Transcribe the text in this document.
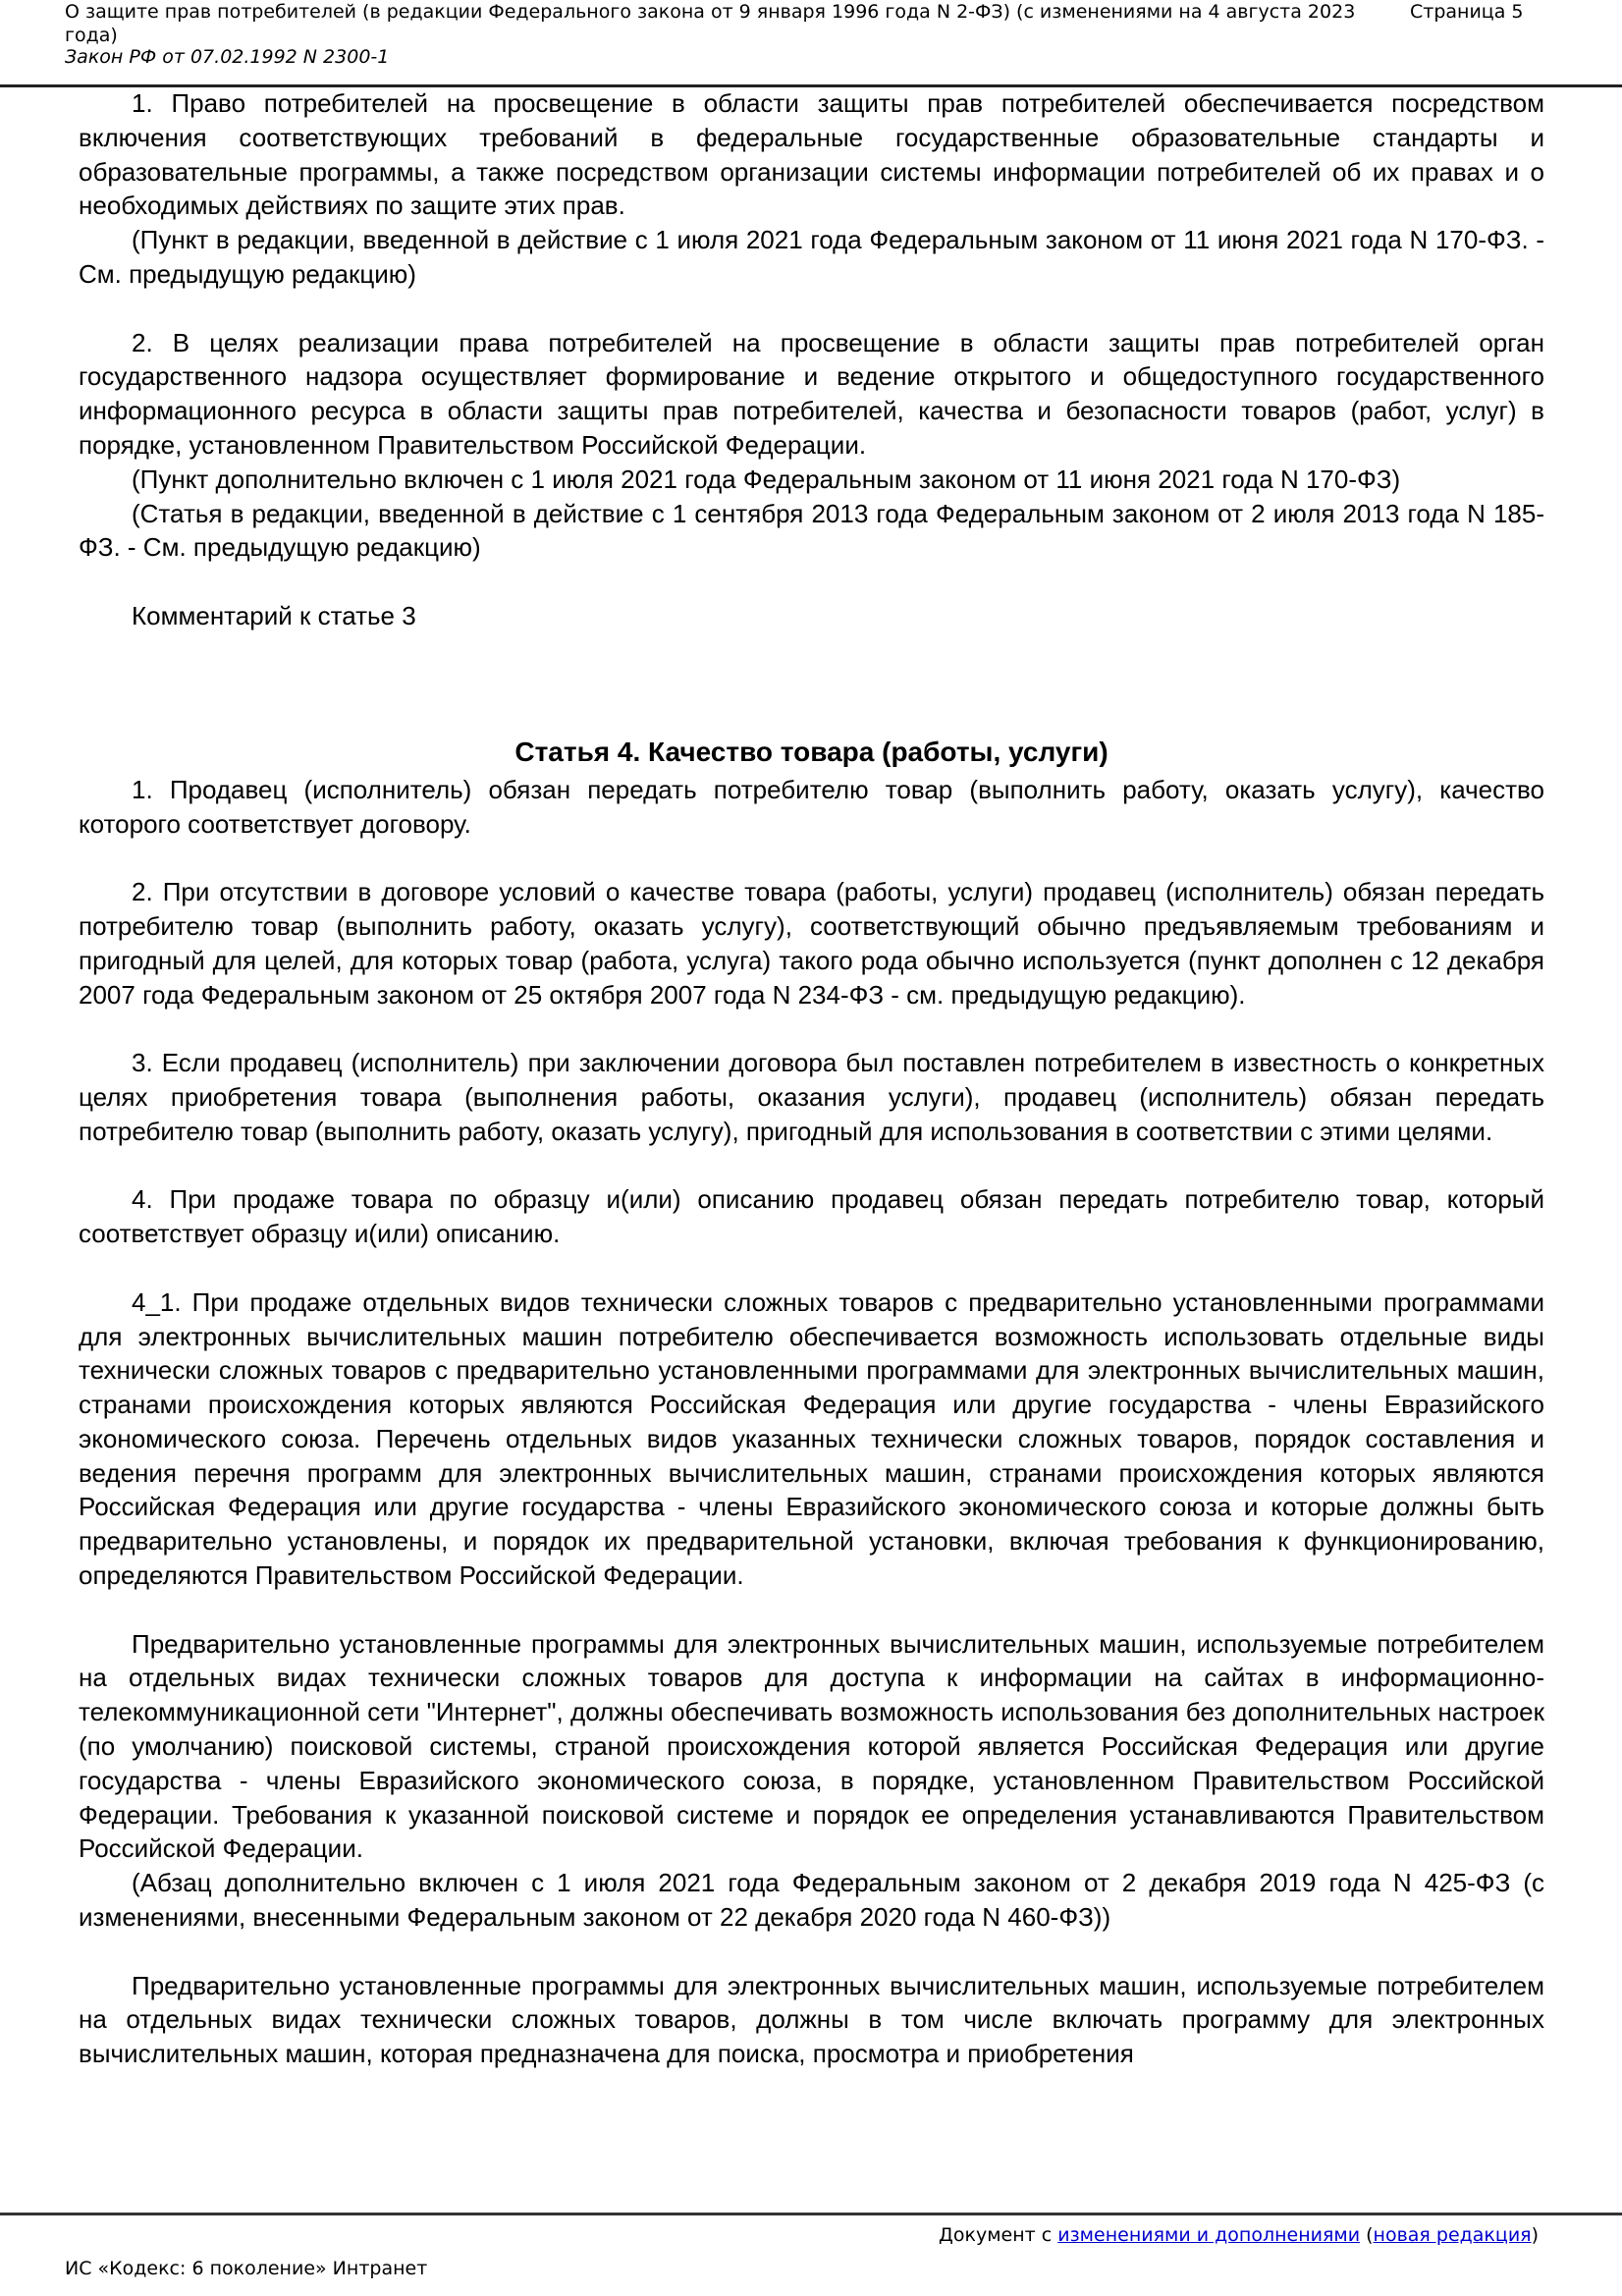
О защите прав потребителей (в редакции Федерального закона от 9 января 1996 года N 2-ФЗ) (с изменениями на 4 августа 2023 года)
Страница 5
Закон РФ от 07.02.1992 N 2300-1

1. Право потребителей на просвещение в области защиты прав потребителей обеспечивается посредством включения соответствующих требований в федеральные государственные образовательные стандарты и образовательные программы, а также посредством организации системы информации потребителей об их правах и о необходимых действиях по защите этих прав.

(Пункт в редакции, введенной в действие с 1 июля 2021 года Федеральным законом от 11 июня 2021 года N 170-ФЗ. - См. предыдущую редакцию)

2. В целях реализации права потребителей на просвещение в области защиты прав потребителей орган государственного надзора осуществляет формирование и ведение открытого и общедоступного государственного информационного ресурса в области защиты прав потребителей, качества и безопасности товаров (работ, услуг) в порядке, установленном Правительством Российской Федерации.

(Пункт дополнительно включен с 1 июля 2021 года Федеральным законом от 11 июня 2021 года N 170-ФЗ)

(Статья в редакции, введенной в действие с 1 сентября 2013 года Федеральным законом от 2 июля 2013 года N 185-ФЗ. - См. предыдущую редакцию)

Комментарий к статье 3

Статья 4. Качество товара (работы, услуги)

1. Продавец (исполнитель) обязан передать потребителю товар (выполнить работу, оказать услугу), качество которого соответствует договору.

2. При отсутствии в договоре условий о качестве товара (работы, услуги) продавец (исполнитель) обязан передать потребителю товар (выполнить работу, оказать услугу), соответствующий обычно предъявляемым требованиям и пригодный для целей, для которых товар (работа, услуга) такого рода обычно используется (пункт дополнен с 12 декабря 2007 года Федеральным законом от 25 октября 2007 года N 234-ФЗ - см. предыдущую редакцию).

3. Если продавец (исполнитель) при заключении договора был поставлен потребителем в известность о конкретных целях приобретения товара (выполнения работы, оказания услуги), продавец (исполнитель) обязан передать потребителю товар (выполнить работу, оказать услугу), пригодный для использования в соответствии с этими целями.

4. При продаже товара по образцу и(или) описанию продавец обязан передать потребителю товар, который соответствует образцу и(или) описанию.

4_1. При продаже отдельных видов технически сложных товаров с предварительно установленными программами для электронных вычислительных машин потребителю обеспечивается возможность использовать отдельные виды технически сложных товаров с предварительно установленными программами для электронных вычислительных машин, странами происхождения которых являются Российская Федерация или другие государства - члены Евразийского экономического союза. Перечень отдельных видов указанных технически сложных товаров, порядок составления и ведения перечня программ для электронных вычислительных машин, странами происхождения которых являются Российская Федерация или другие государства - члены Евразийского экономического союза и которые должны быть предварительно установлены, и порядок их предварительной установки, включая требования к функционированию, определяются Правительством Российской Федерации.

Предварительно установленные программы для электронных вычислительных машин, используемые потребителем на отдельных видах технически сложных товаров для доступа к информации на сайтах в информационно-телекоммуникационной сети "Интернет", должны обеспечивать возможность использования без дополнительных настроек (по умолчанию) поисковой системы, страной происхождения которой является Российская Федерация или другие государства - члены Евразийского экономического союза, в порядке, установленном Правительством Российской Федерации. Требования к указанной поисковой системе и порядок ее определения устанавливаются Правительством Российской Федерации.

(Абзац дополнительно включен с 1 июля 2021 года Федеральным законом от 2 декабря 2019 года N 425-ФЗ (с изменениями, внесенными Федеральным законом от 22 декабря 2020 года N 460-ФЗ))

Предварительно установленные программы для электронных вычислительных машин, используемые потребителем на отдельных видах технически сложных товаров, должны в том числе включать программу для электронных вычислительных машин, которая предназначена для поиска, просмотра и приобретения

Документ с изменениями и дополнениями (новая редакция)
ИС «Кодекс: 6 поколение» Интранет
